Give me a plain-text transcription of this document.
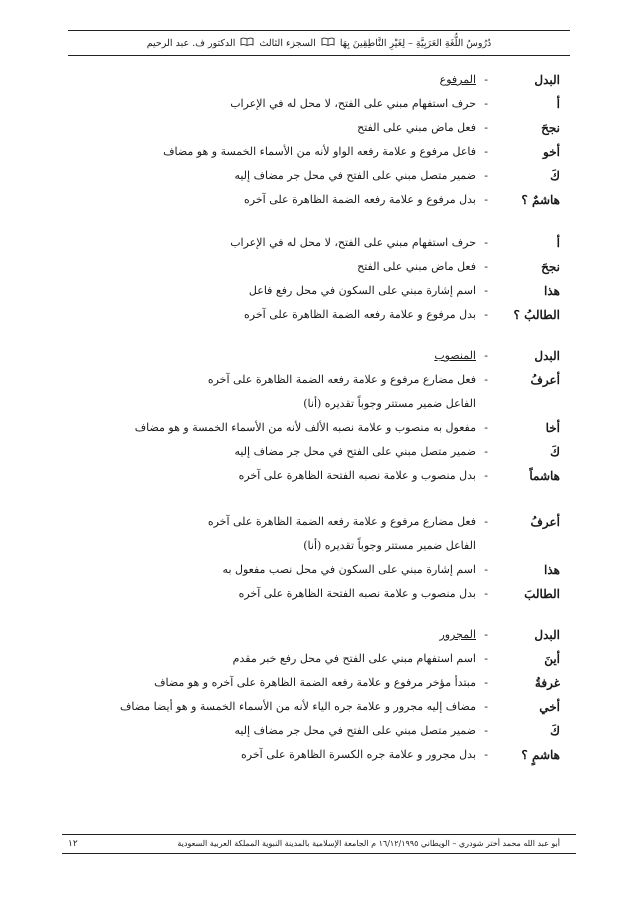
دُرُوسُ اللُّغَةِ العَرَبِيَّةِ – لِغَيْرِ النَّاطِقِينَ بِهَا
السجزء الثالث
الدكتور ف. عبد الرحيم
البدل
-
المرفوع
أ
-
حرف استفهام مبني على الفتح، لا محل له في الإعراب
نجحَ
-
فعل ماض مبني على الفتح
أخو
-
فاعل مرفوع و علامة رفعه الواو لأنه من الأسماء الخمسة و هو مضاف
كَ
-
ضمير متصل مبني على الفتح في محل جر مضاف إليه
هاشمٌ ؟
-
بدل مرفوع و علامة رفعه الضمة الظاهرة على آخره
أ
-
حرف استفهام مبني على الفتح، لا محل له في الإعراب
نجحَ
-
فعل ماض مبني على الفتح
هذا
-
اسم إشارة مبني على السكون في محل رفع فاعل
الطالبُ ؟
-
بدل مرفوع و علامة رفعه الضمة الظاهرة على آخره
البدل
-
المنصوب
أعرفُ
-
فعل مضارع مرفوع و علامة رفعه الضمة الظاهرة على آخره
الفاعل ضمير مستتر وجوباً تقديره (أنا)
أخا
-
مفعول به منصوب و علامة نصبه الألف لأنه من الأسماء الخمسة و هو مضاف
كَ
-
ضمير متصل مبني على الفتح في محل جر مضاف إليه
هاشماً
-
بدل منصوب و علامة نصبه الفتحة الظاهرة على آخره
أعرفُ
-
فعل مضارع مرفوع و علامة رفعه الضمة الظاهرة على آخره
الفاعل ضمير مستتر وجوباً تقديره (أنا)
هذا
-
اسم إشارة مبني على السكون في محل نصب مفعول به
الطالبَ
-
بدل منصوب و علامة نصبه الفتحة الظاهرة على آخره
البدل
-
المجرور
أينَ
-
اسم استفهام مبني على الفتح في محل رفع خبر مقدم
غرفةُ
-
مبتدأ مؤخر مرفوع و علامة رفعه الضمة الظاهرة على آخره و هو مضاف
أخي
-
مضاف إليه مجرور و علامة جره الياء لأنه من الأسماء الخمسة و هو أيضا مضاف
كَ
-
ضمير متصل مبني على الفتح في محل جر مضاف إليه
هاشمٍ ؟
-
بدل مجرور و علامة جره الكسرة الظاهرة على آخره
أبو عبد الله محمد أختر شودري – الويطاني ١٦/١٢/١٩٩٥ م الجامعة الإسلامية بالمدينة النبوية المملكة العربية السعودية
١٢
